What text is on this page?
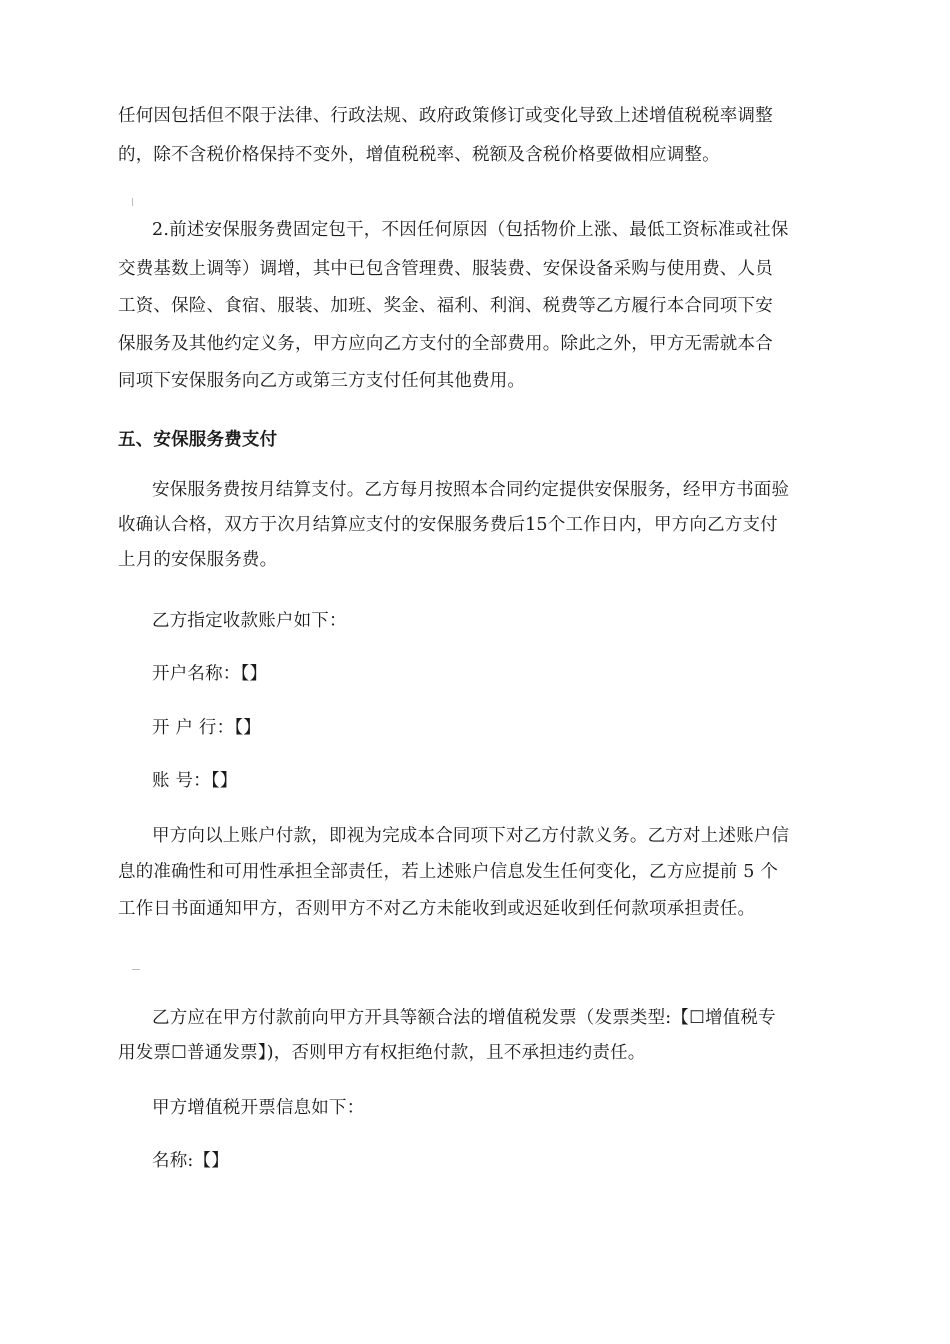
任何因包括但不限于法律、行政法规、政府政策修订或变化导致上述增值税税率调整
的，除不含税价格保持不变外，增值税税率、税额及含税价格要做相应调整。
2.前述安保服务费固定包干，不因任何原因（包括物价上涨、最低工资标准或社保
交费基数上调等）调增，其中已包含管理费、服装费、安保设备采购与使用费、人员
工资、保险、食宿、服装、加班、奖金、福利、利润、税费等乙方履行本合同项下安
保服务及其他约定义务，甲方应向乙方支付的全部费用。除此之外，甲方无需就本合
同项下安保服务向乙方或第三方支付任何其他费用。
五、安保服务费支付
安保服务费按月结算支付。乙方每月按照本合同约定提供安保服务，经甲方书面验
收确认合格，双方于次月结算应支付的安保服务费后15个工作日内，甲方向乙方支付
上月的安保服务费。
乙方指定收款账户如下：
开户名称：【】
开 户 行：【】
账 号：【】
甲方向以上账户付款，即视为完成本合同项下对乙方付款义务。乙方对上述账户信
息的准确性和可用性承担全部责任，若上述账户信息发生任何变化，乙方应提前 5 个
工作日书面通知甲方，否则甲方不对乙方未能收到或迟延收到任何款项承担责任。
乙方应在甲方付款前向甲方开具等额合法的增值税发票（发票类型:【☐增值税专
用发票☐普通发票】)，否则甲方有权拒绝付款，且不承担违约责任。
甲方增值税开票信息如下：
名称:【】
